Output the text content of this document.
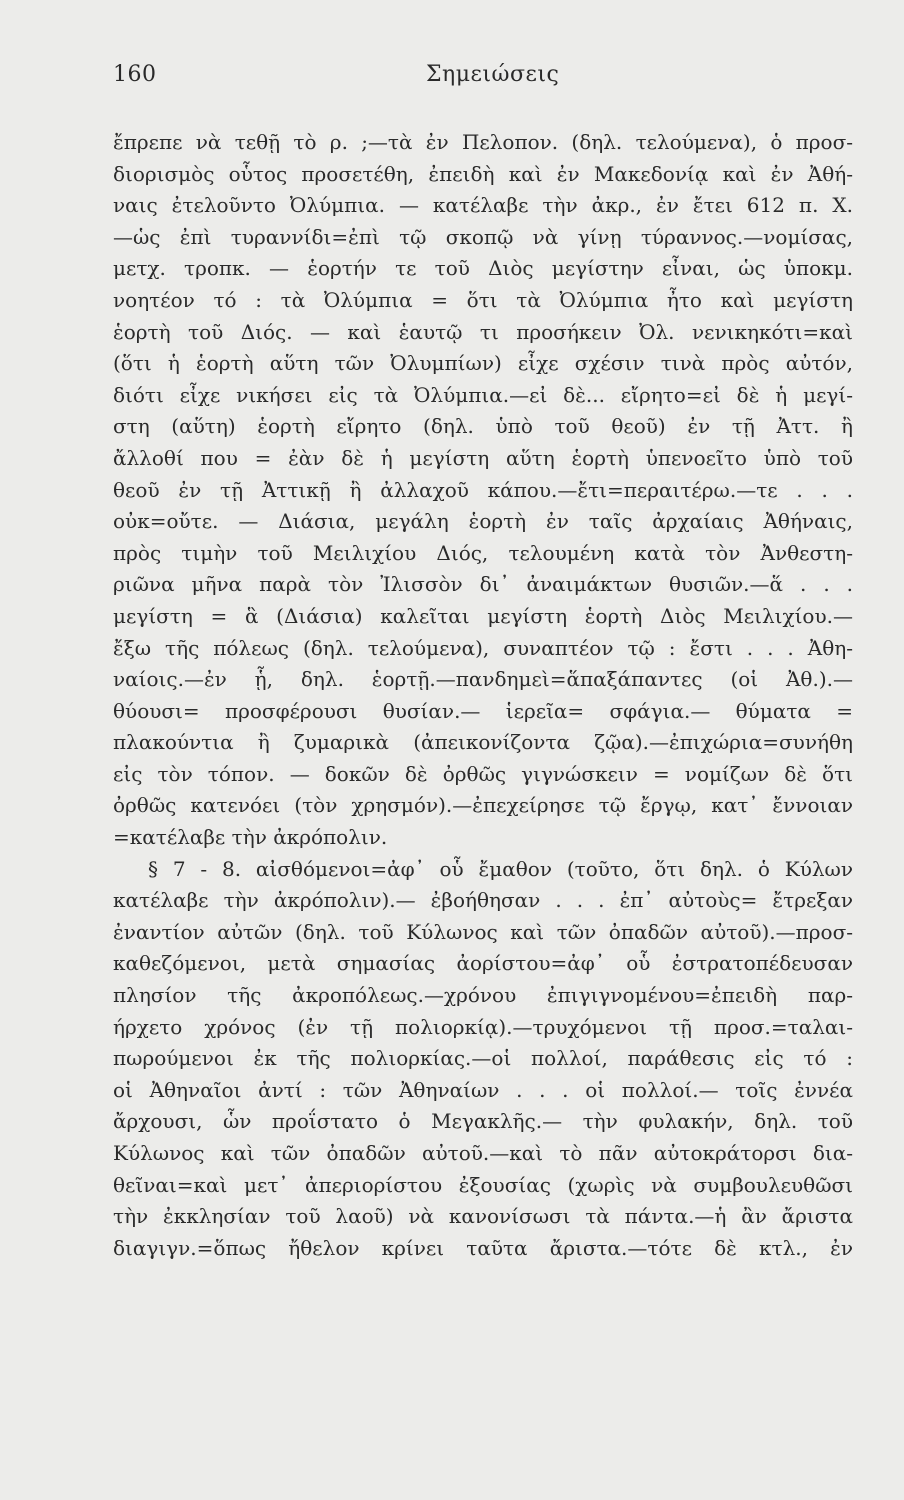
160	Σημειώσεις
ἔπρεπε νὰ τεθῇ τὸ ρ. ;—τὰ ἐν Πελοπον. (δηλ. τελούμενα), ὁ προσ-
διορισμὸς οὗτος προσετέθη, ἐπειδὴ καὶ ἐν Μακεδονίᾳ καὶ ἐν Ἀθή-
ναις ἐτελοῦντο Ὀλύμπια. — κατέλαβε τὴν ἀκρ., ἐν ἔτει 612 π. Χ.
—ὡς ἐπὶ τυραννίδι=ἐπὶ τῷ σκοπῷ νὰ γίνῃ τύραννος.—νομίσας,
μετχ. τροπκ. — ἑορτήν τε τοῦ Διὸς μεγίστην εἶναι, ὡς ὑποκμ.
νοητέον τό : τὰ Ὀλύμπια = ὅτι τὰ Ὀλύμπια ἦτο καὶ μεγίστη
ἑορτὴ τοῦ Διός. — καὶ ἑαυτῷ τι προσήκειν Ὀλ. νενικηκότι=καὶ
(ὅτι ἡ ἑορτὴ αὕτη τῶν Ὀλυμπίων) εἶχε σχέσιν τινὰ πρὸς αὐτόν,
διότι εἶχε νικήσει εἰς τὰ Ὀλύμπια.—εἰ δὲ... εἴρητο=εἰ δὲ ἡ μεγί-
στη (αὕτη) ἑορτὴ εἴρητο (δηλ. ὑπὸ τοῦ θεοῦ) ἐν τῇ Ἀττ. ἢ
ἄλλοθί που = ἐὰν δὲ ἡ μεγίστη αὕτη ἑορτὴ ὑπενοεῖτο ὑπὸ τοῦ
θεοῦ ἐν τῇ Ἀττικῇ ἢ ἀλλαχοῦ κάπου.—ἔτι=περαιτέρω.—τε . . .
οὐκ=οὔτε. — Διάσια, μεγάλη ἑορτὴ ἐν ταῖς ἀρχαίαις Ἀθήναις,
πρὸς τιμὴν τοῦ Μειλιχίου Διός, τελουμένη κατὰ τὸν Ἀνθεστη-
ριῶνα μῆνα παρὰ τὸν Ἰλισσὸν δι᾽ ἀναιμάκτων θυσιῶν.—ἅ . . .
μεγίστη = ἃ (Διάσια) καλεῖται μεγίστη ἑορτὴ Διὸς Μειλιχίου.—
ἔξω τῆς πόλεως (δηλ. τελούμενα), συναπτέον τῷ : ἔστι . . . Ἀθη-
ναίοις.—ἐν ᾗ, δηλ. ἑορτῇ.—πανδημεὶ=ἅπαξάπαντες (οἱ Ἀθ.).—
θύουσι= προσφέρουσι θυσίαν.— ἱερεῖα= σφάγια.— θύματα =
πλακούντια ἢ ζυμαρικὰ (ἀπεικονίζοντα ζῷα).—ἐπιχώρια=συνήθη
εἰς τὸν τόπον. — δοκῶν δὲ ὀρθῶς γιγνώσκειν = νομίζων δὲ ὅτι
ὀρθῶς κατενόει (τὸν χρησμόν).—ἐπεχείρησε τῷ ἔργῳ, κατ᾽ ἔννοιαν
=κατέλαβε τὴν ἀκρόπολιν.
§ 7 - 8. αἰσθόμενοι=ἀφ᾽ οὗ ἔμαθον (τοῦτο, ὅτι δηλ. ὁ Κύλων
κατέλαβε τὴν ἀκρόπολιν).— ἐβοήθησαν . . . ἐπ᾽ αὐτοὺς= ἔτρεξαν
ἐναντίον αὐτῶν (δηλ. τοῦ Κύλωνος καὶ τῶν ὀπαδῶν αὐτοῦ).—προσ-
καθεζόμενοι, μετὰ σημασίας ἀορίστου=ἀφ᾽ οὗ ἐστρατοπέδευσαν
πλησίον τῆς ἀκροπόλεως.—χρόνου ἐπιγιγνομένου=ἐπειδὴ παρ-
ήρχετο χρόνος (ἐν τῇ πολιορκίᾳ).—τρυχόμενοι τῇ προσ.=ταλαι-
πωρούμενοι ἐκ τῆς πολιορκίας.—οἱ πολλοί, παράθεσις εἰς τό :
οἱ Ἀθηναῖοι ἀντί : τῶν Ἀθηναίων . . . οἱ πολλοί.— τοῖς ἐννέα
ἄρχουσι, ὧν προΐστατο ὁ Μεγακλῆς.— τὴν φυλακήν, δηλ. τοῦ
Κύλωνος καὶ τῶν ὀπαδῶν αὐτοῦ.—καὶ τὸ πᾶν αὐτοκράτορσι δια-
θεῖναι=καὶ μετ᾽ ἀπεριορίστου ἐξουσίας (χωρὶς νὰ συμβουλευθῶσι
τὴν ἐκκλησίαν τοῦ λαοῦ) νὰ κανονίσωσι τὰ πάντα.—ἡ ἂν ἄριστα
διαγιγν.=ὅπως ἤθελον κρίνει ταῦτα ἄριστα.—τότε δὲ κτλ., ἐν
